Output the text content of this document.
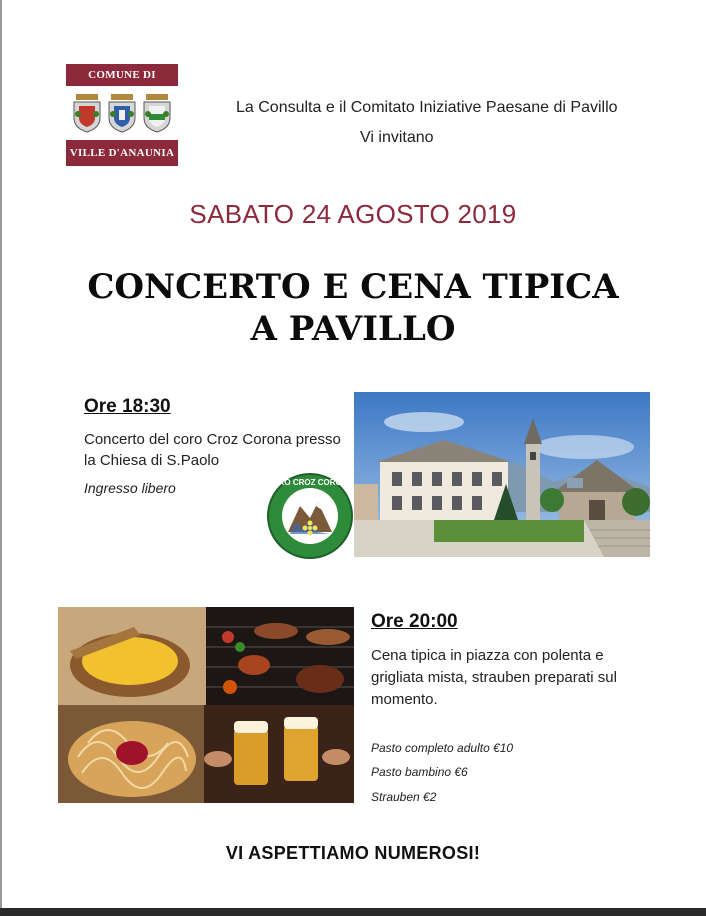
COMUNE DI
VILLE D'ANAUNIA
La Consulta e il Comitato Iniziative Paesane di Pavillo
Vi invitano
SABATO 24 AGOSTO 2019
CONCERTO E CENA TIPICA
A PAVILLO
Ore 18:30
Concerto del coro Croz Corona presso la Chiesa di S.Paolo
Ingresso libero	CORO CROZ CORONA
Ore 20:00
Cena tipica in piazza con polenta e grigliata mista, strauben preparati sul momento.
Pasto completo adulto €10
Pasto bambino €6
Strauben €2
VI ASPETTIAMO NUMEROSI!
